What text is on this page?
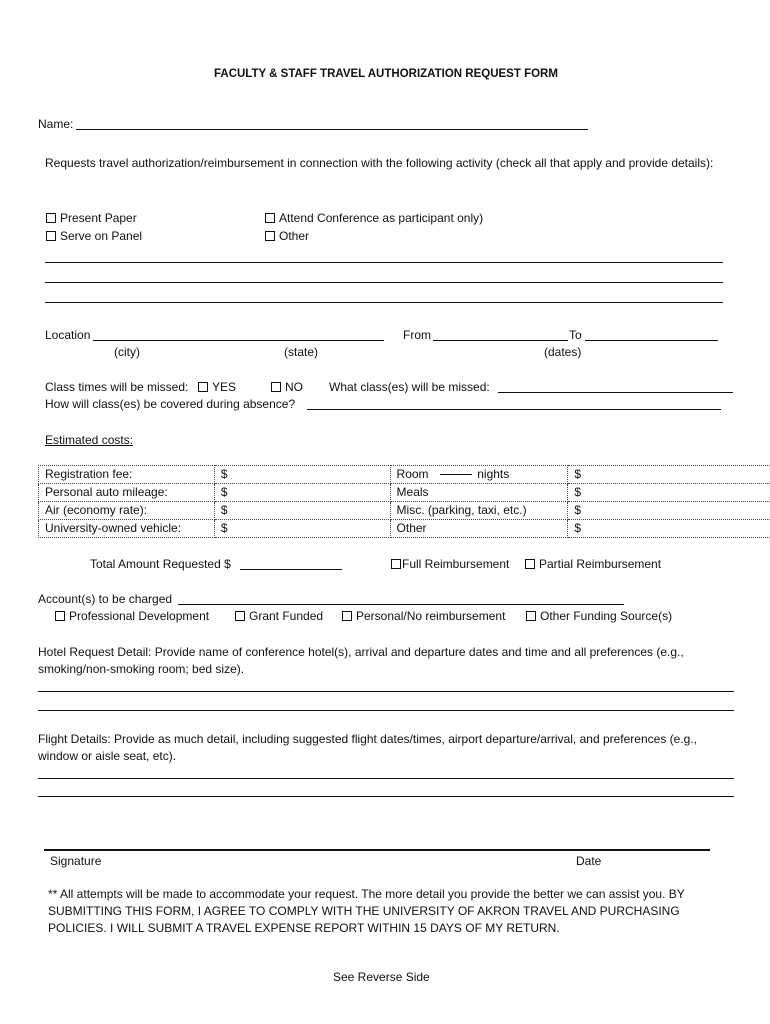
FACULTY & STAFF TRAVEL AUTHORIZATION REQUEST FORM
Name:
Requests travel authorization/reimbursement in connection with the following activity (check all that apply and provide details):
Present Paper
Serve on Panel
Attend Conference as participant only)
Other
Location	From	To
(city)	(state)	(dates)
Class times will be missed:	YES	NO What class(es) will be missed:
How will class(es) be covered during absence?
Estimated costs:
Registration fee:	$	Room nights	$
Personal auto mileage:	$	Meals	$
Air (economy rate):	$	Misc. (parking, taxi, etc.)	$
University-owned vehicle:	$	Other	$
Total Amount Requested $	Full Reimbursement	Partial Reimbursement
Account(s) to be charged
Professional Development	Grant Funded	Personal/No reimbursement	Other Funding Source(s)
Hotel Request Detail: Provide name of conference hotel(s), arrival and departure dates and time and all preferences (e.g., smoking/non-smoking room; bed size).
Flight Details: Provide as much detail, including suggested flight dates/times, airport departure/arrival, and preferences (e.g., window or aisle seat, etc).
Signature	Date
** All attempts will be made to accommodate your request. The more detail you provide the better we can assist you. BY SUBMITTING THIS FORM, I AGREE TO COMPLY WITH THE UNIVERSITY OF AKRON TRAVEL AND PURCHASING POLICIES. I WILL SUBMIT A TRAVEL EXPENSE REPORT WITHIN 15 DAYS OF MY RETURN.
See Reverse Side
